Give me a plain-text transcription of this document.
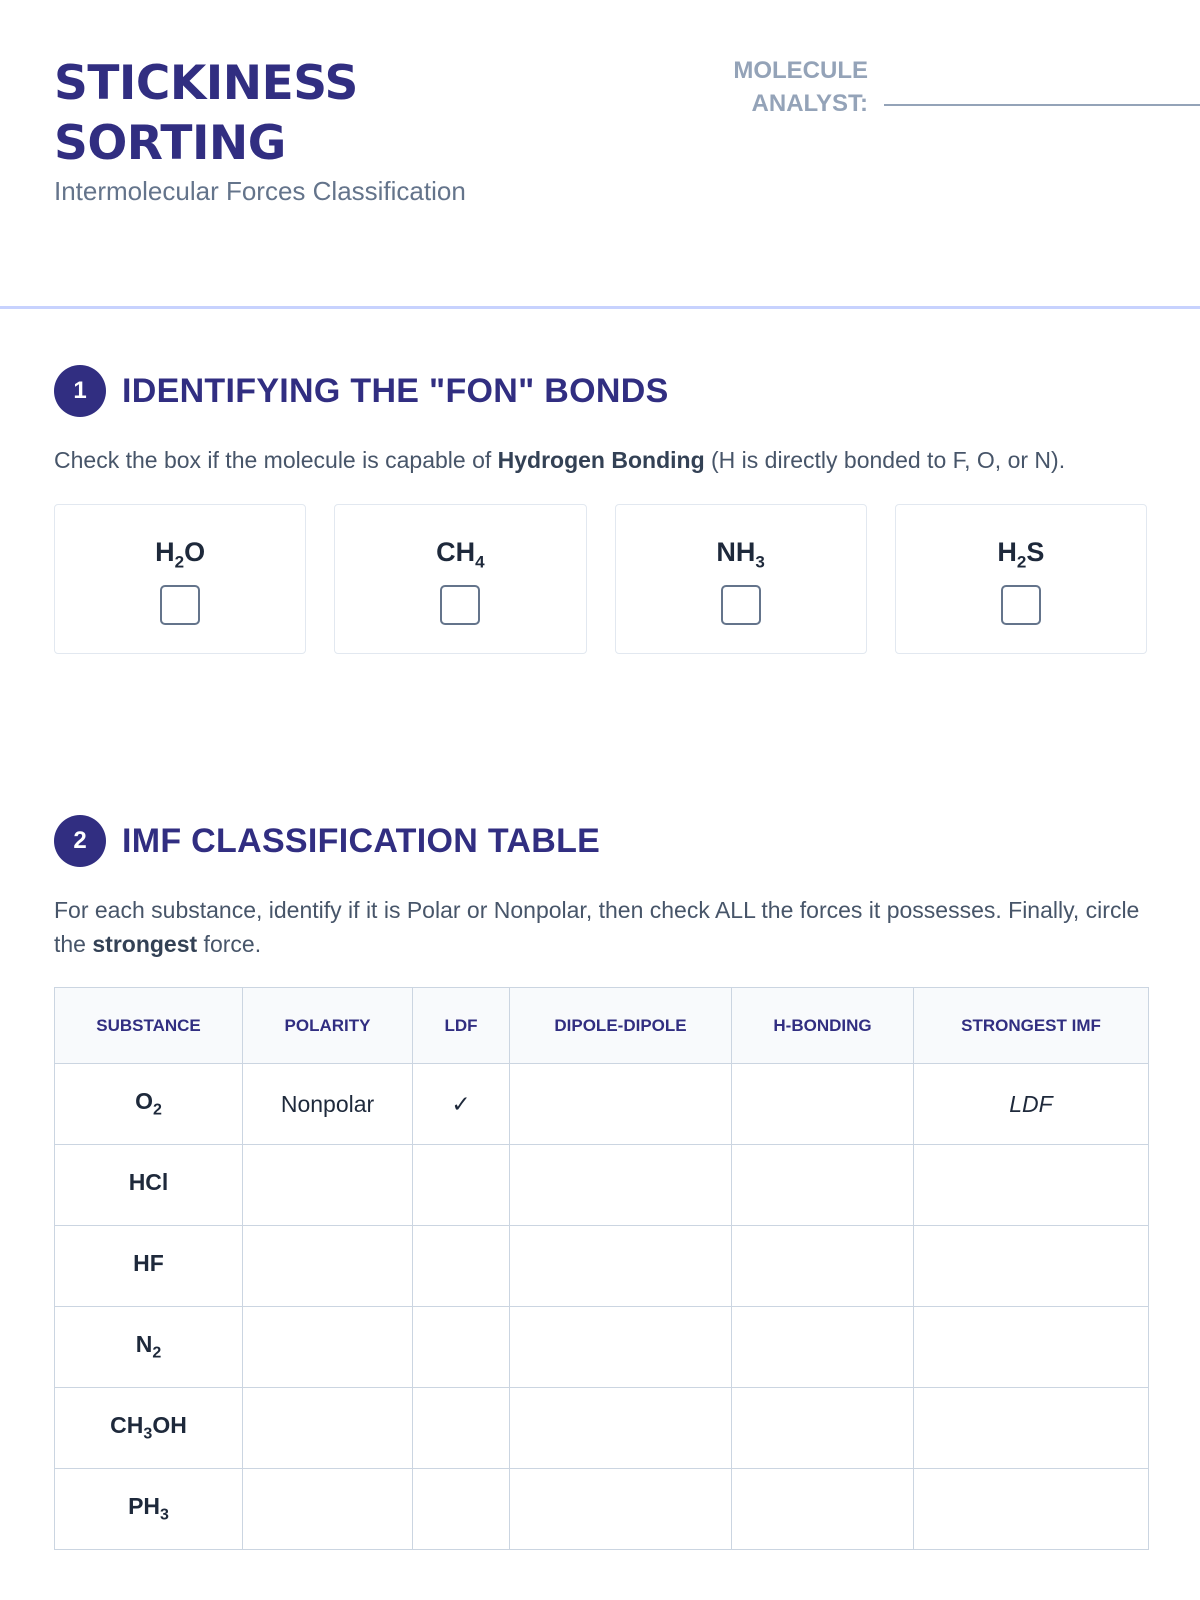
STICKINESS SORTING

Intermolecular Forces Classification

MOLECULE ANALYST:
1	IDENTIFYING THE "FON" BONDS

Check the box if the molecule is capable of Hydrogen Bonding (H is directly bonded to F, O, or N).

$H_2O$	$CH_4$	$NH_3$	$H_2S$
2	IMF CLASSIFICATION TABLE

For each substance, identify if it is Polar or Nonpolar, then check ALL the forces it possesses. Finally, circle the strongest force.

SUBSTANCE	POLARITY	LDF	DIPOLE-DIPOLE	H-BONDING	STRONGEST IMF
$O_2$	Nonpolar	✓			LDF
HCl					
HF					
$N_2$					
$CH_3OH$					
$PH_3$					
